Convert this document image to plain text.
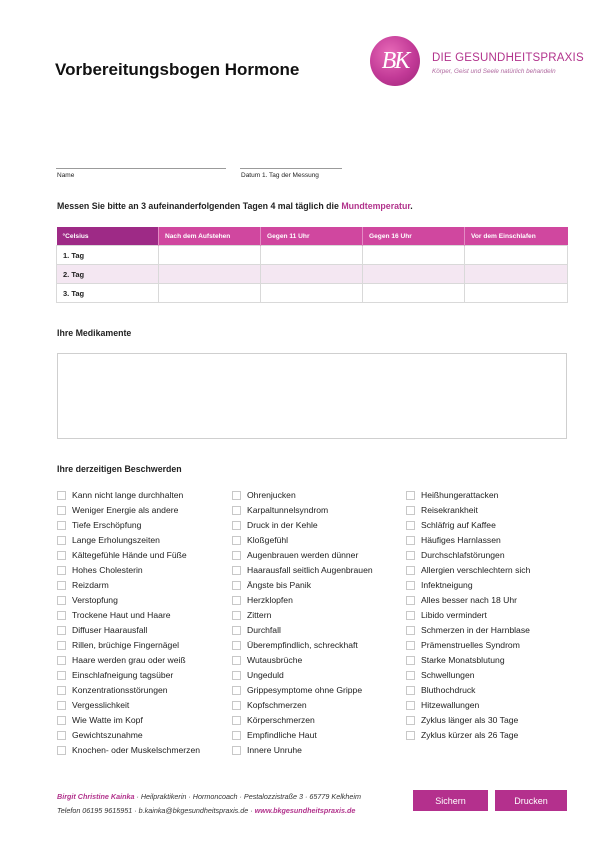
Vorbereitungsbogen Hormone	BK	DIE GESUNDHEITSPRAXIS
Körper, Geist und Seele natürlich behandeln
Name	Datum 1. Tag der Messung
Messen Sie bitte an 3 aufeinanderfolgenden Tagen 4 mal täglich die Mundtemperatur.
°Celsius	Nach dem Aufstehen	Gegen 11 Uhr	Gegen 16 Uhr	Vor dem Einschlafen
1. Tag				
2. Tag				
3. Tag				
Ihre Medikamente
Ihre derzeitigen Beschwerden
Kann nicht lange durchhalten
Weniger Energie als andere
Tiefe Erschöpfung
Lange Erholungszeiten
Kältegefühle Hände und Füße
Hohes Cholesterin
Reizdarm
Verstopfung
Trockene Haut und Haare
Diffuser Haarausfall
Rillen, brüchige Fingernägel
Haare werden grau oder weiß
Einschlafneigung tagsüber
Konzentrationsstörungen
Vergesslichkeit
Wie Watte im Kopf
Gewichtszunahme
Knochen- oder Muskelschmerzen
Ohrenjucken
Karpaltunnelsyndrom
Druck in der Kehle
Kloßgefühl
Augenbrauen werden dünner
Haarausfall seitlich Augenbrauen
Ängste bis Panik
Herzklopfen
Zittern
Durchfall
Überempfindlich, schreckhaft
Wutausbrüche
Ungeduld
Grippesymptome ohne Grippe
Kopfschmerzen
Körperschmerzen
Empfindliche Haut
Innere Unruhe
Heißhungerattacken
Reisekrankheit
Schläfrig auf Kaffee
Häufiges Harnlassen
Durchschlafstörungen
Allergien verschlechtern sich
Infektneigung
Alles besser nach 18 Uhr
Libido vermindert
Schmerzen in der Harnblase
Prämenstruelles Syndrom
Starke Monatsblutung
Schwellungen
Bluthochdruck
Hitzewallungen
Zyklus länger als 30 Tage
Zyklus kürzer als 26 Tage
Birgit Christine Kainka · Heilpraktikerin · Hormoncoach · Pestalozzistraße 3 · 65779 Kelkheim
Telefon 06195 9615951 · b.kainka@bkgesundheitspraxis.de · www.bkgesundheitspraxis.de
Sichern	Drucken
